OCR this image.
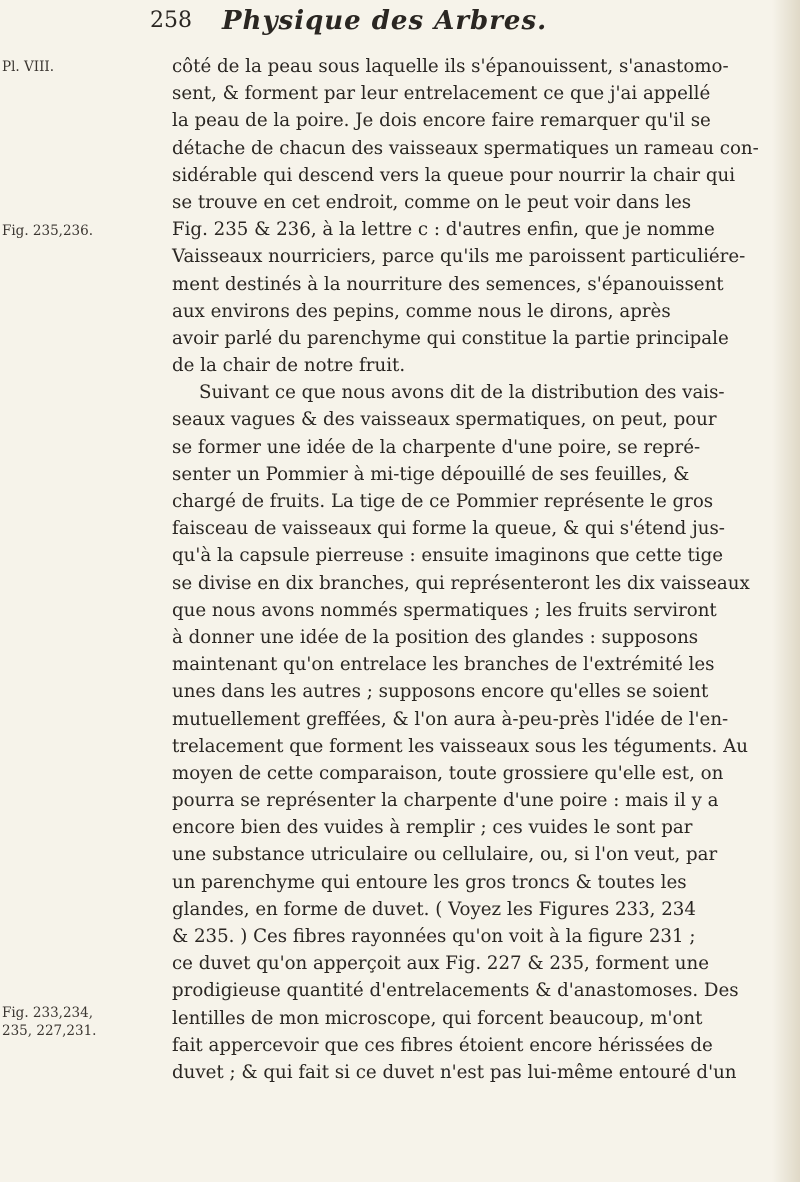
258 Physique des Arbres.
Pl. VIII.
Fig. 235,236.
Fig. 233,234,
235, 227,231.
côté de la peau sous laquelle ils s'épanouissent, s'anastomo-
sent, & forment par leur entrelacement ce que j'ai appellé
la peau de la poire. Je dois encore faire remarquer qu'il se
détache de chacun des vaisseaux spermatiques un rameau con-
sidérable qui descend vers la queue pour nourrir la chair qui
se trouve en cet endroit, comme on le peut voir dans les
Fig. 235 & 236, à la lettre c : d'autres enfin, que je nomme
Vaisseaux nourriciers, parce qu'ils me paroissent particuliére-
ment destinés à la nourriture des semences, s'épanouissent
aux environs des pepins, comme nous le dirons, après
avoir parlé du parenchyme qui constitue la partie principale
de la chair de notre fruit.
Suivant ce que nous avons dit de la distribution des vais-
seaux vagues & des vaisseaux spermatiques, on peut, pour
se former une idée de la charpente d'une poire, se repré-
senter un Pommier à mi-tige dépouillé de ses feuilles, &
chargé de fruits. La tige de ce Pommier représente le gros
faisceau de vaisseaux qui forme la queue, & qui s'étend jus-
qu'à la capsule pierreuse : ensuite imaginons que cette tige
se divise en dix branches, qui représenteront les dix vaisseaux
que nous avons nommés spermatiques ; les fruits serviront
à donner une idée de la position des glandes : supposons
maintenant qu'on entrelace les branches de l'extrémité les
unes dans les autres ; supposons encore qu'elles se soient
mutuellement greffées, & l'on aura à-peu-près l'idée de l'en-
trelacement que forment les vaisseaux sous les téguments. Au
moyen de cette comparaison, toute grossiere qu'elle est, on
pourra se représenter la charpente d'une poire : mais il y a
encore bien des vuides à remplir ; ces vuides le sont par
une substance utriculaire ou cellulaire, ou, si l'on veut, par
un parenchyme qui entoure les gros troncs & toutes les
glandes, en forme de duvet. ( Voyez les Figures 233, 234
& 235. ) Ces fibres rayonnées qu'on voit à la figure 231 ;
ce duvet qu'on apperçoit aux Fig. 227 & 235, forment une
prodigieuse quantité d'entrelacements & d'anastomoses. Des
lentilles de mon microscope, qui forcent beaucoup, m'ont
fait appercevoir que ces fibres étoient encore hérissées de
duvet ; & qui fait si ce duvet n'est pas lui-même entouré d'un
